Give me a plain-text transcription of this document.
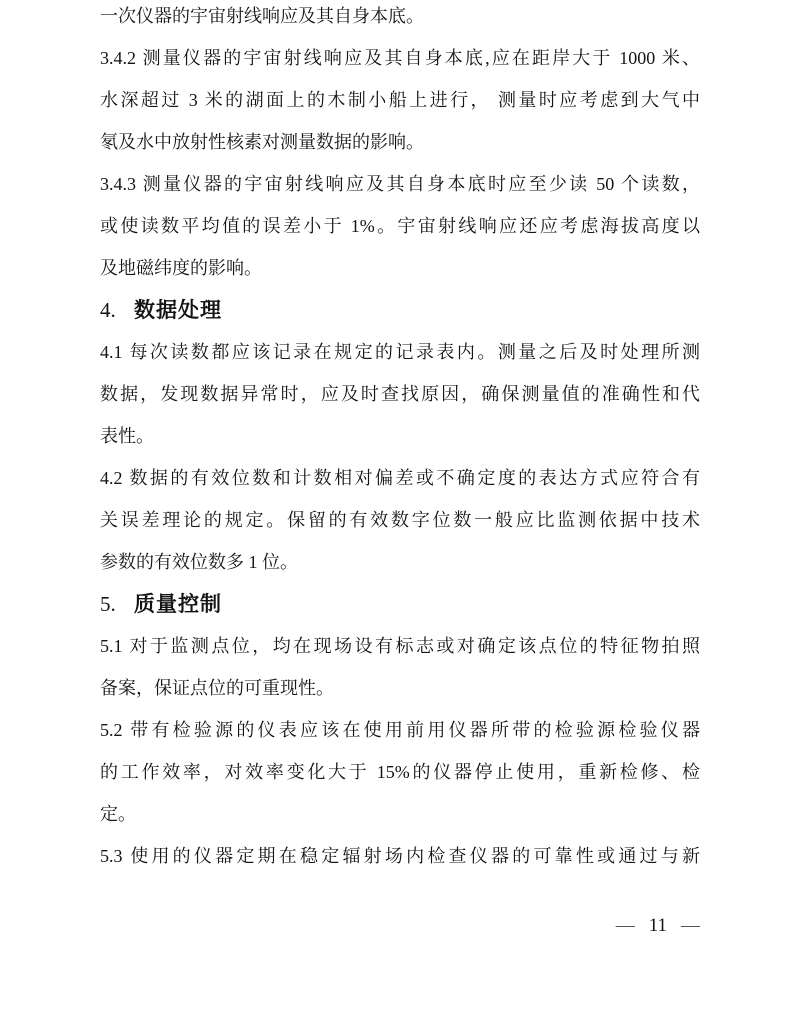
一次仪器的宇宙射线响应及其自身本底。

3.4.2 测量仪器的宇宙射线响应及其自身本底,应在距岸大于 1000 米、

水深超过 3 米的湖面上的木制小船上进行， 测量时应考虑到大气中

氡及水中放射性核素对测量数据的影响。

3.4.3 测量仪器的宇宙射线响应及其自身本底时应至少读 50 个读数，

或使读数平均值的误差小于 1%。宇宙射线响应还应考虑海拔高度以

及地磁纬度的影响。

4. 数据处理

4.1 每次读数都应该记录在规定的记录表内。测量之后及时处理所测

数据，发现数据异常时，应及时查找原因，确保测量值的准确性和代

表性。

4.2 数据的有效位数和计数相对偏差或不确定度的表达方式应符合有

关误差理论的规定。保留的有效数字位数一般应比监测依据中技术

参数的有效位数多 1 位。

5. 质量控制

5.1 对于监测点位，均在现场设有标志或对确定该点位的特征物拍照

备案，保证点位的可重现性。

5.2 带有检验源的仪表应该在使用前用仪器所带的检验源检验仪器

的工作效率，对效率变化大于 15%的仪器停止使用，重新检修、检

定。

5.3 使用的仪器定期在稳定辐射场内检查仪器的可靠性或通过与新

— 11 —
